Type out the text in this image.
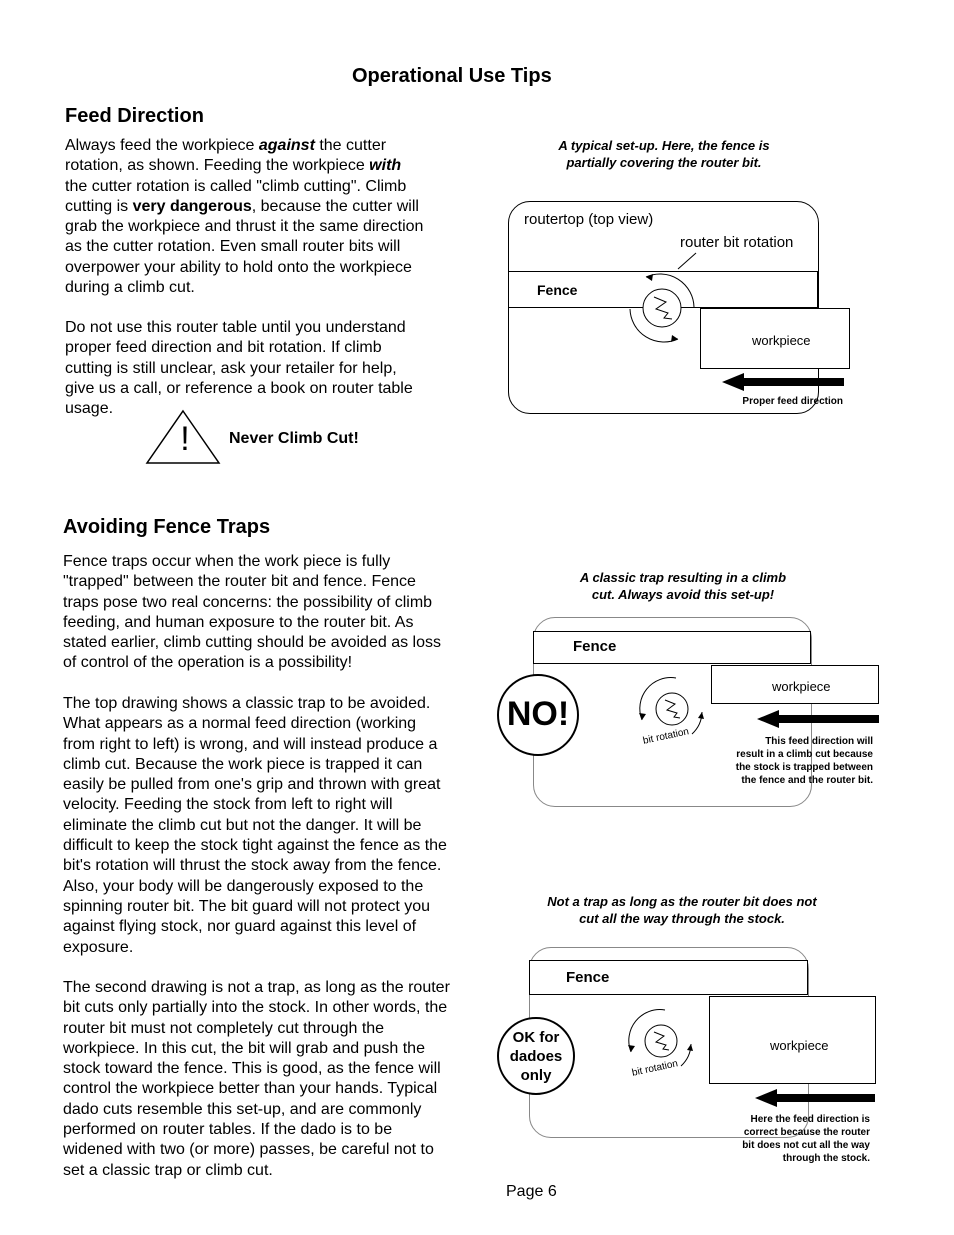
Operational Use Tips
Feed Direction
Always feed the workpiece against the cutter
rotation, as shown. Feeding the workpiece with
the cutter rotation is called "climb cutting". Climb
cutting is very dangerous, because the cutter will
grab the workpiece and thrust it the same direction
as the cutter rotation. Even small router bits will
overpower your ability to hold onto the workpiece
during a climb cut.
Do not use this router table until you understand
proper feed direction and bit rotation. If climb
cutting is still unclear, ask your retailer for help,
give us a call, or reference a book on router table
usage.
!	Never Climb Cut!
A typical set-up. Here, the fence is
partially covering the router bit.
routertop (top view)
router bit rotation
Fence
workpiece
Proper feed direction
Avoiding Fence Traps
Fence traps occur when the work piece is fully
"trapped" between the router bit and fence. Fence
traps pose two real concerns: the possibility of climb
feeding, and human exposure to the router bit. As
stated earlier, climb cutting should be avoided as loss
of control of the operation is a possibility!
The top drawing shows a classic trap to be avoided.
What appears as a normal feed direction (working
from right to left) is wrong, and will instead produce a
climb cut. Because the work piece is trapped it can
easily be pulled from one's grip and thrown with great
velocity. Feeding the stock from left to right will
eliminate the climb cut but not the danger. It will be
difficult to keep the stock tight against the fence as the
bit's rotation will thrust the stock away from the fence.
Also, your body will be dangerously exposed to the
spinning router bit. The bit guard will not protect you
against flying stock, nor guard against this level of
exposure.
The second drawing is not a trap, as long as the router
bit cuts only partially into the stock. In other words, the
router bit must not completely cut through the
workpiece. In this cut, the bit will grab and push the
stock toward the fence. This is good, as the fence will
control the workpiece better than your hands. Typical
dado cuts resemble this set-up, and are commonly
performed on router tables. If the dado is to be
widened with two (or more) passes, be careful not to
set a classic trap or climb cut.
A classic trap resulting in a climb
cut. Always avoid this set-up!
Fence
workpiece
NO!
bit rotation	This feed direction will
result in a climb cut because
the stock is trapped between
the fence and the router bit.
Not a trap as long as the router bit does not
cut all the way through the stock.
Fence
workpiece
OK for
dadoes
only	bit rotation
Here the feed direction is
correct because the router
bit does not cut all the way
through the stock.
Page 6
